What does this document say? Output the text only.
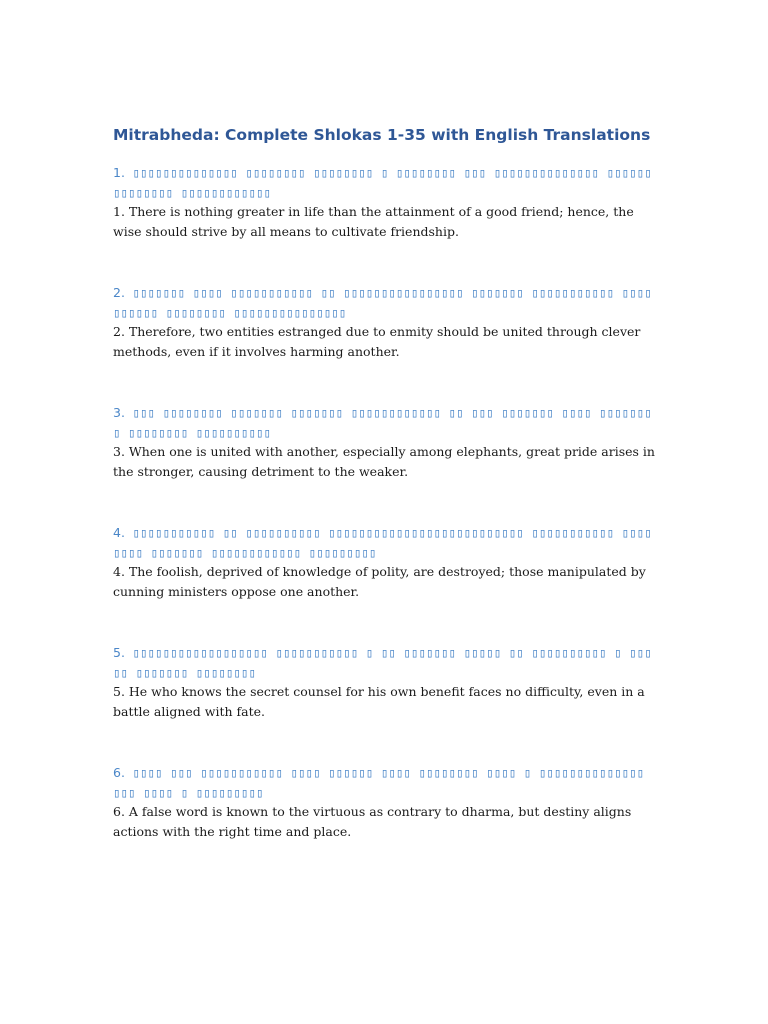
Mitrabheda: Complete Shlokas 1-35 with English Translations

1. ▯▯▯▯▯▯▯▯▯▯▯▯▯▯ ▯▯▯▯▯▯▯▯ ▯▯▯▯▯▯▯▯ ▯ ▯▯▯▯▯▯▯▯ ▯▯▯ ▯▯▯▯▯▯▯▯▯▯▯▯▯▯ ▯▯▯▯▯▯ ▯▯▯▯▯▯▯▯ ▯▯▯▯▯▯▯▯▯▯▯▯

1. There is nothing greater in life than the attainment of a good friend; hence, the wise should strive by all means to cultivate friendship.

2. ▯▯▯▯▯▯▯ ▯▯▯▯ ▯▯▯▯▯▯▯▯▯▯▯ ▯▯ ▯▯▯▯▯▯▯▯▯▯▯▯▯▯▯▯ ▯▯▯▯▯▯▯ ▯▯▯▯▯▯▯▯▯▯▯ ▯▯▯▯▯▯▯▯▯▯ ▯▯▯▯▯▯▯▯ ▯▯▯▯▯▯▯▯▯▯▯▯▯▯▯

2. Therefore, two entities estranged due to enmity should be united through clever methods, even if it involves harming another.

3. ▯▯▯ ▯▯▯▯▯▯▯▯ ▯▯▯▯▯▯▯ ▯▯▯▯▯▯▯ ▯▯▯▯▯▯▯▯▯▯▯▯ ▯▯ ▯▯▯ ▯▯▯▯▯▯▯ ▯▯▯▯ ▯▯▯▯▯▯▯▯ ▯▯▯▯▯▯▯▯ ▯▯▯▯▯▯▯▯▯▯

3. When one is united with another, especially among elephants, great pride arises in the stronger, causing detriment to the weaker.

4. ▯▯▯▯▯▯▯▯▯▯▯ ▯▯ ▯▯▯▯▯▯▯▯▯▯ ▯▯▯▯▯▯▯▯▯▯▯▯▯▯▯▯▯▯▯▯▯▯▯▯▯▯ ▯▯▯▯▯▯▯▯▯▯▯ ▯▯▯▯▯▯▯▯ ▯▯▯▯▯▯▯ ▯▯▯▯▯▯▯▯▯▯▯▯ ▯▯▯▯▯▯▯▯▯

4. The foolish, deprived of knowledge of polity, are destroyed; those manipulated by cunning ministers oppose one another.

5. ▯▯▯▯▯▯▯▯▯▯▯▯▯▯▯▯▯▯ ▯▯▯▯▯▯▯▯▯▯▯ ▯ ▯▯ ▯▯▯▯▯▯▯ ▯▯▯▯▯ ▯▯ ▯▯▯▯▯▯▯▯▯▯ ▯ ▯▯▯▯▯ ▯▯▯▯▯▯▯ ▯▯▯▯▯▯▯▯

5. He who knows the secret counsel for his own benefit faces no difficulty, even in a battle aligned with fate.

6. ▯▯▯▯ ▯▯▯ ▯▯▯▯▯▯▯▯▯▯▯ ▯▯▯▯ ▯▯▯▯▯▯ ▯▯▯▯ ▯▯▯▯▯▯▯▯ ▯▯▯▯ ▯ ▯▯▯▯▯▯▯▯▯▯▯▯▯▯ ▯▯▯ ▯▯▯▯ ▯ ▯▯▯▯▯▯▯▯▯

6. A false word is known to the virtuous as contrary to dharma, but destiny aligns actions with the right time and place.
